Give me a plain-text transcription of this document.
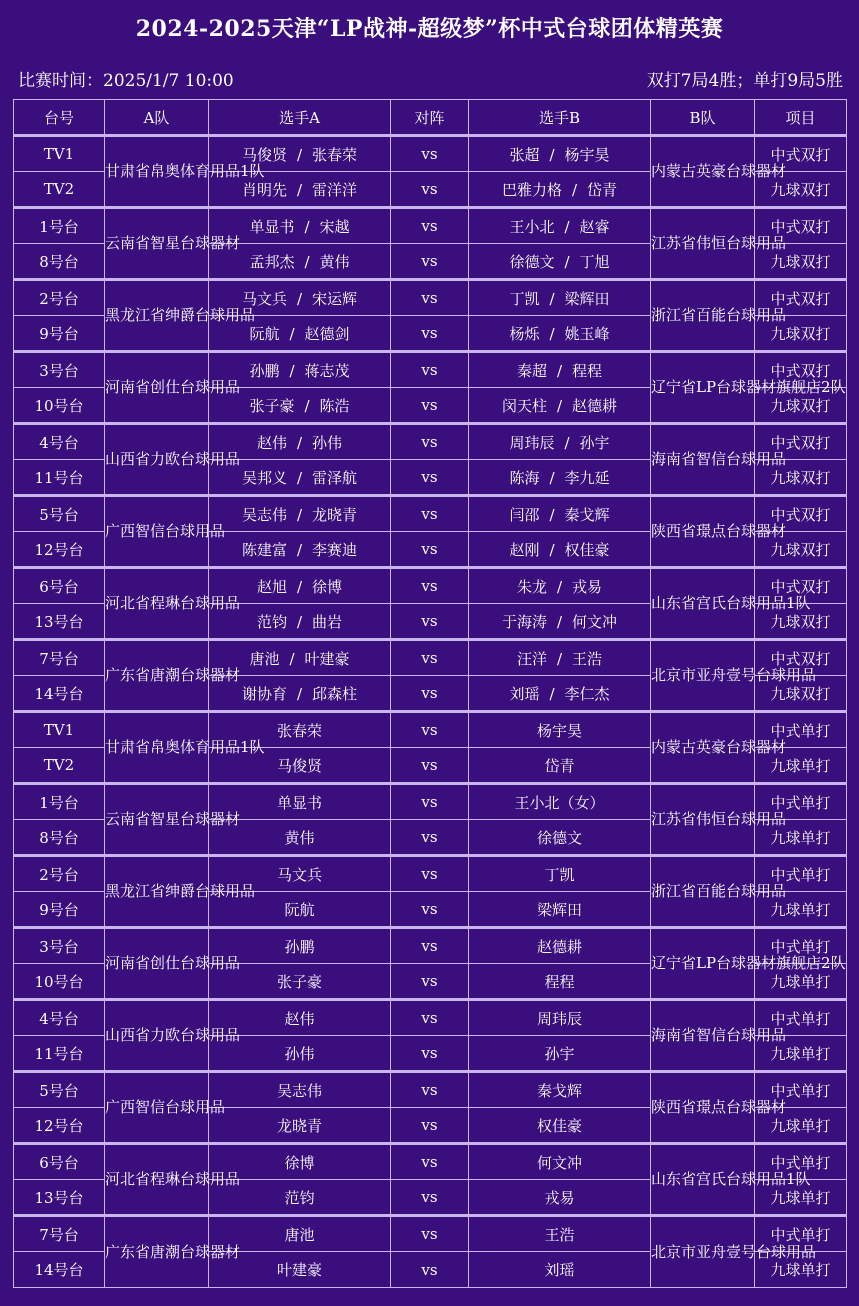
2024-2025天津“LP战神-超级梦”杯中式台球团体精英赛
比赛时间：2025/1/7 10:00	双打7局4胜；单打9局5胜
台号	A队	选手A	对阵	选手B	B队	项目
TV1	甘肃省帛奥体育用品1队	马俊贤 / 张春荣	vs	张超 / 杨宇昊	内蒙古英豪台球器材	中式双打
TV2		肖明先 / 雷洋洋	vs	巴雅力格 / 岱青		九球双打
1号台	云南省智星台球器材	单显书 / 宋越	vs	王小北 / 赵睿	江苏省伟恒台球用品	中式双打
8号台		孟邦杰 / 黄伟	vs	徐德文 / 丁旭		九球双打
2号台	黑龙江省绅爵台球用品	马文兵 / 宋运辉	vs	丁凯 / 梁辉田	浙江省百能台球用品	中式双打
9号台		阮航 / 赵德剑	vs	杨烁 / 姚玉峰		九球双打
3号台	河南省创仕台球用品	孙鹏 / 蒋志茂	vs	秦超 / 程程	辽宁省LP台球器材旗舰店2队	中式双打
10号台		张子豪 / 陈浩	vs	闵天柱 / 赵德耕		九球双打
4号台	山西省力欧台球用品	赵伟 / 孙伟	vs	周玮辰 / 孙宇	海南省智信台球用品	中式双打
11号台		吴邦义 / 雷泽航	vs	陈海 / 李九延		九球双打
5号台	广西智信台球用品	吴志伟 / 龙晓青	vs	闫邵 / 秦戈辉	陕西省璟点台球器材	中式双打
12号台		陈建富 / 李赛迪	vs	赵刚 / 权佳豪		九球双打
6号台	河北省程琳台球用品	赵旭 / 徐博	vs	朱龙 / 戎易	山东省宫氏台球用品1队	中式双打
13号台		范钧 / 曲岩	vs	于海涛 / 何文冲		九球双打
7号台	广东省唐潮台球器材	唐池 / 叶建豪	vs	汪洋 / 王浩	北京市亚舟壹号台球用品	中式双打
14号台		谢协育 / 邱森柱	vs	刘瑶 / 李仁杰		九球双打
TV1	甘肃省帛奥体育用品1队	张春荣	vs	杨宇昊	内蒙古英豪台球器材	中式单打
TV2		马俊贤	vs	岱青		九球单打
1号台	云南省智星台球器材	单显书	vs	王小北（女）	江苏省伟恒台球用品	中式单打
8号台		黄伟	vs	徐德文		九球单打
2号台	黑龙江省绅爵台球用品	马文兵	vs	丁凯	浙江省百能台球用品	中式单打
9号台		阮航	vs	梁辉田		九球单打
3号台	河南省创仕台球用品	孙鹏	vs	赵德耕	辽宁省LP台球器材旗舰店2队	中式单打
10号台		张子豪	vs	程程		九球单打
4号台	山西省力欧台球用品	赵伟	vs	周玮辰	海南省智信台球用品	中式单打
11号台		孙伟	vs	孙宇		九球单打
5号台	广西智信台球用品	吴志伟	vs	秦戈辉	陕西省璟点台球器材	中式单打
12号台		龙晓青	vs	权佳豪		九球单打
6号台	河北省程琳台球用品	徐博	vs	何文冲	山东省宫氏台球用品1队	中式单打
13号台		范钧	vs	戎易		九球单打
7号台	广东省唐潮台球器材	唐池	vs	王浩	北京市亚舟壹号台球用品	中式单打
14号台		叶建豪	vs	刘瑶		九球单打
